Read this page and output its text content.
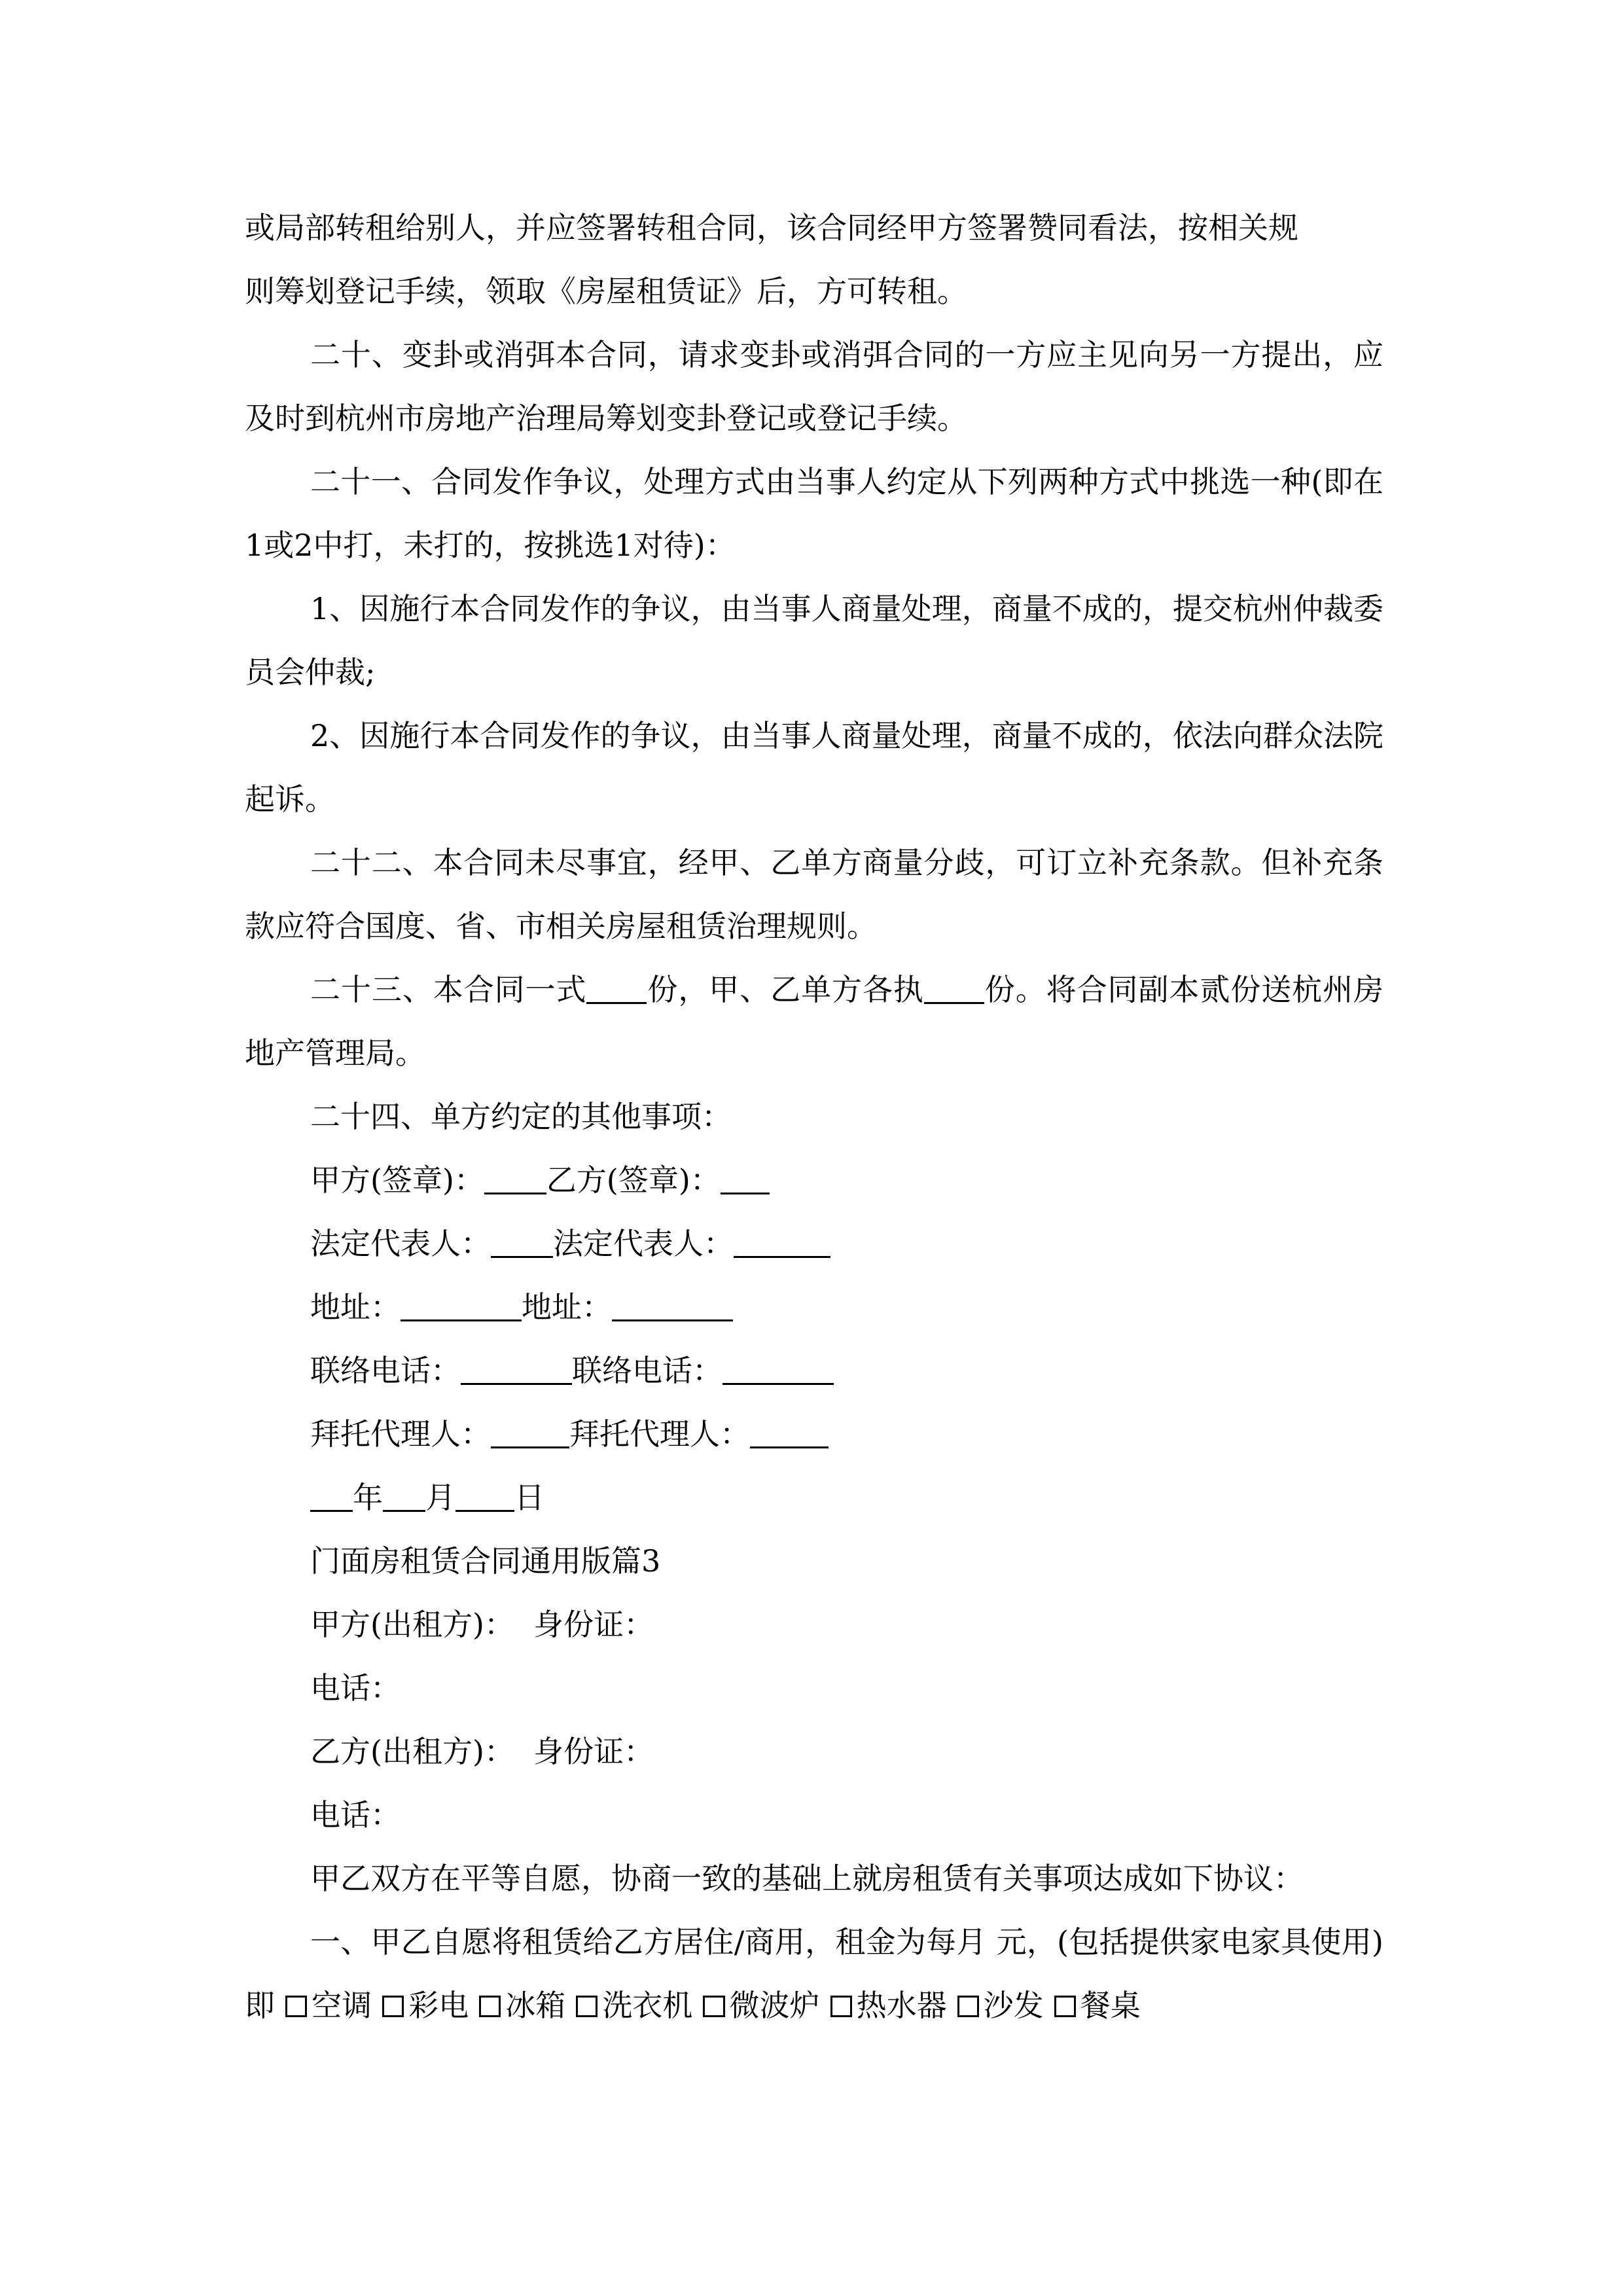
或局部转租给别人，并应签署转租合同，该合同经甲方签署赞同看法，按相关规

则筹划登记手续，领取《房屋租赁证》后，方可转租。

二十、变卦或消弭本合同，请求变卦或消弭合同的一方应主见向另一方提出，应及时到杭州市房地产治理局筹划变卦登记或登记手续。

二十一、合同发作争议，处理方式由当事人约定从下列两种方式中挑选一种(即在1或2中打，未打的，按挑选1对待)：

1、因施行本合同发作的争议，由当事人商量处理，商量不成的，提交杭州仲裁委员会仲裁;

2、因施行本合同发作的争议，由当事人商量处理，商量不成的，依法向群众法院起诉。

二十二、本合同未尽事宜，经甲、乙单方商量分歧，可订立补充条款。但补充条款应符合国度、省、市相关房屋租赁治理规则。

二十三、本合同一式 份，甲、乙单方各执 份。将合同副本贰份送杭州房地产管理局。

二十四、单方约定的其他事项：

甲方(签章)： 乙方(签章)：
法定代表人： 法定代表人：
地址：	地址：
联络电话：	联络电话：
拜托代理人：	拜托代理人：
年 月 日
门面房租赁合同通用版篇3
甲方(出租方)： 身份证：
电话：
乙方(出租方)： 身份证：
电话：

甲乙双方在平等自愿，协商一致的基础上就房租赁有关事项达成如下协议：

一、甲乙自愿将租赁给乙方居住/商用，租金为每月 元，(包括提供家电家具使用)即 空调 彩电 冰箱 洗衣机 微波炉 热水器 沙发 餐桌
